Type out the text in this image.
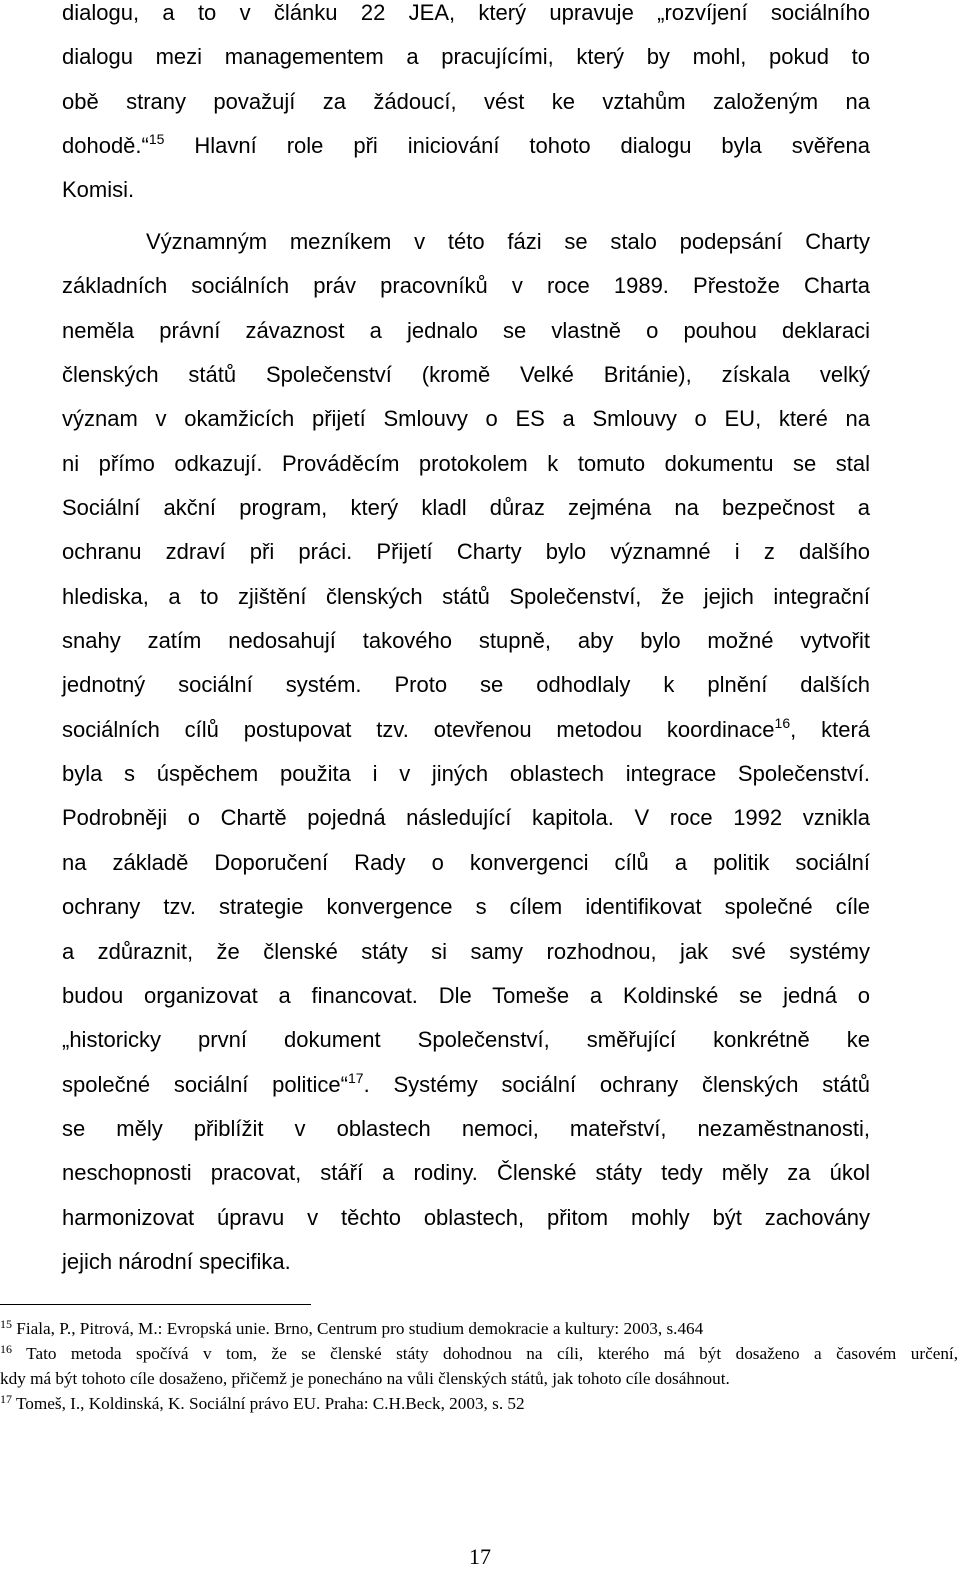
dialogu, a to v článku 22 JEA, který upravuje „rozvíjení sociálního
dialogu mezi managementem a pracujícími, který by mohl, pokud to
obě strany považují za žádoucí, vést ke vztahům založeným na
dohodě.“$^{15}$ Hlavní role při iniciování tohoto dialogu byla svěřena
Komisi.
Významným mezníkem v této fázi se stalo podepsání Charty
základních sociálních práv pracovníků v roce 1989. Přestože Charta
neměla právní závaznost a jednalo se vlastně o pouhou deklaraci
členských států Společenství (kromě Velké Británie), získala velký
význam v okamžicích přijetí Smlouvy o ES a Smlouvy o EU, které na
ni přímo odkazují. Prováděcím protokolem k tomuto dokumentu se stal
Sociální akční program, který kladl důraz zejména na bezpečnost a
ochranu zdraví při práci. Přijetí Charty bylo významné i z dalšího
hlediska, a to zjištění členských států Společenství, že jejich integrační
snahy zatím nedosahují takového stupně, aby bylo možné vytvořit
jednotný sociální systém. Proto se odhodlaly k plnění dalších
sociálních cílů postupovat tzv. otevřenou metodou koordinace$^{16}$, která
byla s úspěchem použita i v jiných oblastech integrace Společenství.
Podrobněji o Chartě pojedná následující kapitola. V roce 1992 vznikla
na základě Doporučení Rady o konvergenci cílů a politik sociální
ochrany tzv. strategie konvergence s cílem identifikovat společné cíle
a zdůraznit, že členské státy si samy rozhodnou, jak své systémy
budou organizovat a financovat. Dle Tomeše a Koldinské se jedná o
„historicky první dokument Společenství, směřující konkrétně ke
společné sociální politice“$^{17}$. Systémy sociální ochrany členských států
se měly přiblížit v oblastech nemoci, mateřství, nezaměstnanosti,
neschopnosti pracovat, stáří a rodiny. Členské státy tedy měly za úkol
harmonizovat úpravu v těchto oblastech, přitom mohly být zachovány
jejich národní specifika.
$^{15}$ Fiala, P., Pitrová, M.: Evropská unie. Brno, Centrum pro studium demokracie a kultury: 2003, s.464
$^{16}$ Tato metoda spočívá v tom, že se členské státy dohodnou na cíli, kterého má být dosaženo a časovém určení,
kdy má být tohoto cíle dosaženo, přičemž je ponecháno na vůli členských států, jak tohoto cíle dosáhnout.
$^{17}$ Tomeš, I., Koldinská, K. Sociální právo EU. Praha: C.H.Beck, 2003, s. 52
17
